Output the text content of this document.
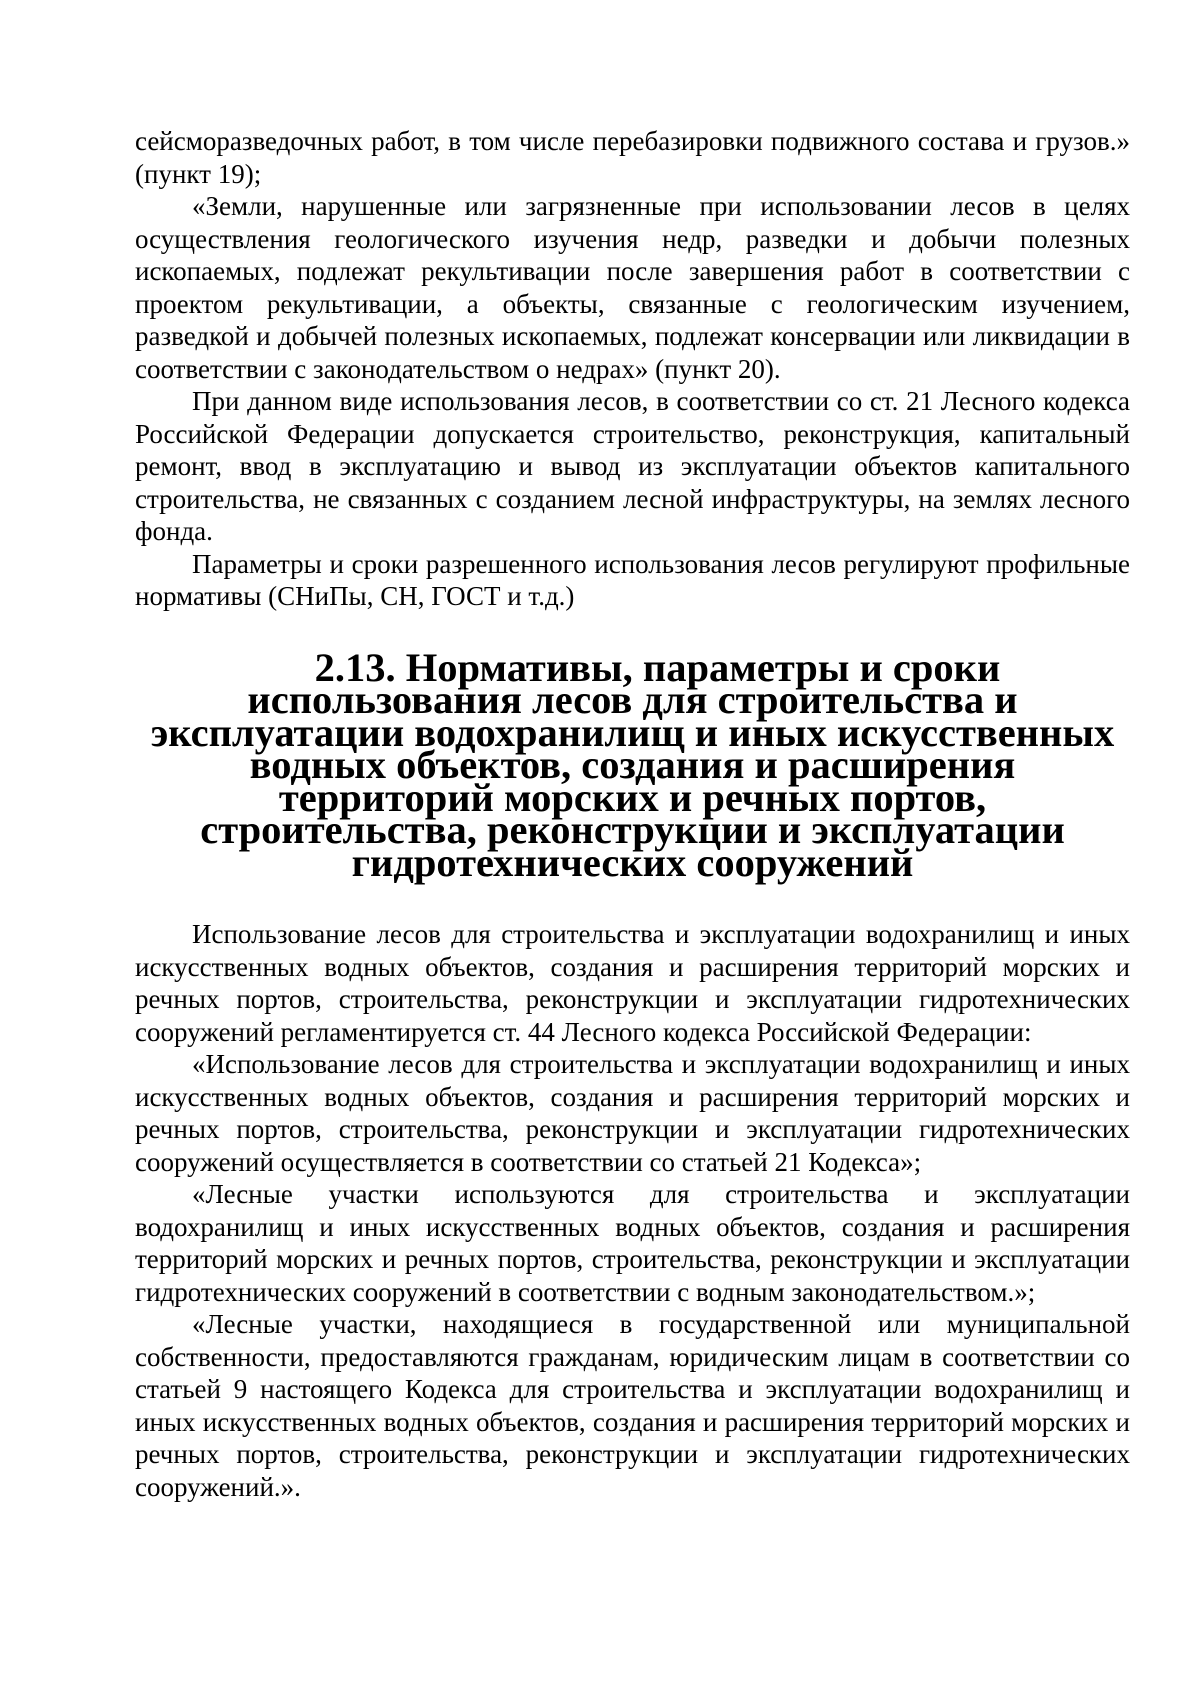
сейсморазведочных работ, в том числе перебазировки подвижного состава и грузов.» (пункт 19);

«Земли, нарушенные или загрязненные при использовании лесов в целях осуществления геологического изучения недр, разведки и добычи полезных ископаемых, подлежат рекультивации после завершения работ в соответствии с проектом рекультивации, а объекты, связанные с геологическим изучением, разведкой и добычей полезных ископаемых, подлежат консервации или ликвидации в соответствии с законодательством о недрах» (пункт 20).

При данном виде использования лесов, в соответствии со ст. 21 Лесного кодекса Российской Федерации допускается строительство, реконструкция, капитальный ремонт, ввод в эксплуатацию и вывод из эксплуатации объектов капитального строительства, не связанных с созданием лесной инфраструктуры, на землях лесного фонда.

Параметры и сроки разрешенного использования лесов регулируют профильные нормативы (СНиПы, СН, ГОСТ и т.д.)

2.13. Нормативы, параметры и сроки использования лесов для строительства и эксплуатации водохранилищ и иных искусственных водных объектов, создания и расширения территорий морских и речных портов, строительства, реконструкции и эксплуатации гидротехнических сооружений

Использование лесов для строительства и эксплуатации водохранилищ и иных искусственных водных объектов, создания и расширения территорий морских и речных портов, строительства, реконструкции и эксплуатации гидротехнических сооружений регламентируется ст. 44 Лесного кодекса Российской Федерации:

«Использование лесов для строительства и эксплуатации водохранилищ и иных искусственных водных объектов, создания и расширения территорий морских и речных портов, строительства, реконструкции и эксплуатации гидротехнических сооружений осуществляется в соответствии со статьей 21 Кодекса»;

«Лесные участки используются для строительства и эксплуатации водохранилищ и иных искусственных водных объектов, создания и расширения территорий морских и речных портов, строительства, реконструкции и эксплуатации гидротехнических сооружений в соответствии с водным законодательством.»;

«Лесные участки, находящиеся в государственной или муниципальной собственности, предоставляются гражданам, юридическим лицам в соответствии со статьей 9 настоящего Кодекса для строительства и эксплуатации водохранилищ и иных искусственных водных объектов, создания и расширения территорий морских и речных портов, строительства, реконструкции и эксплуатации гидротехнических сооружений.».
